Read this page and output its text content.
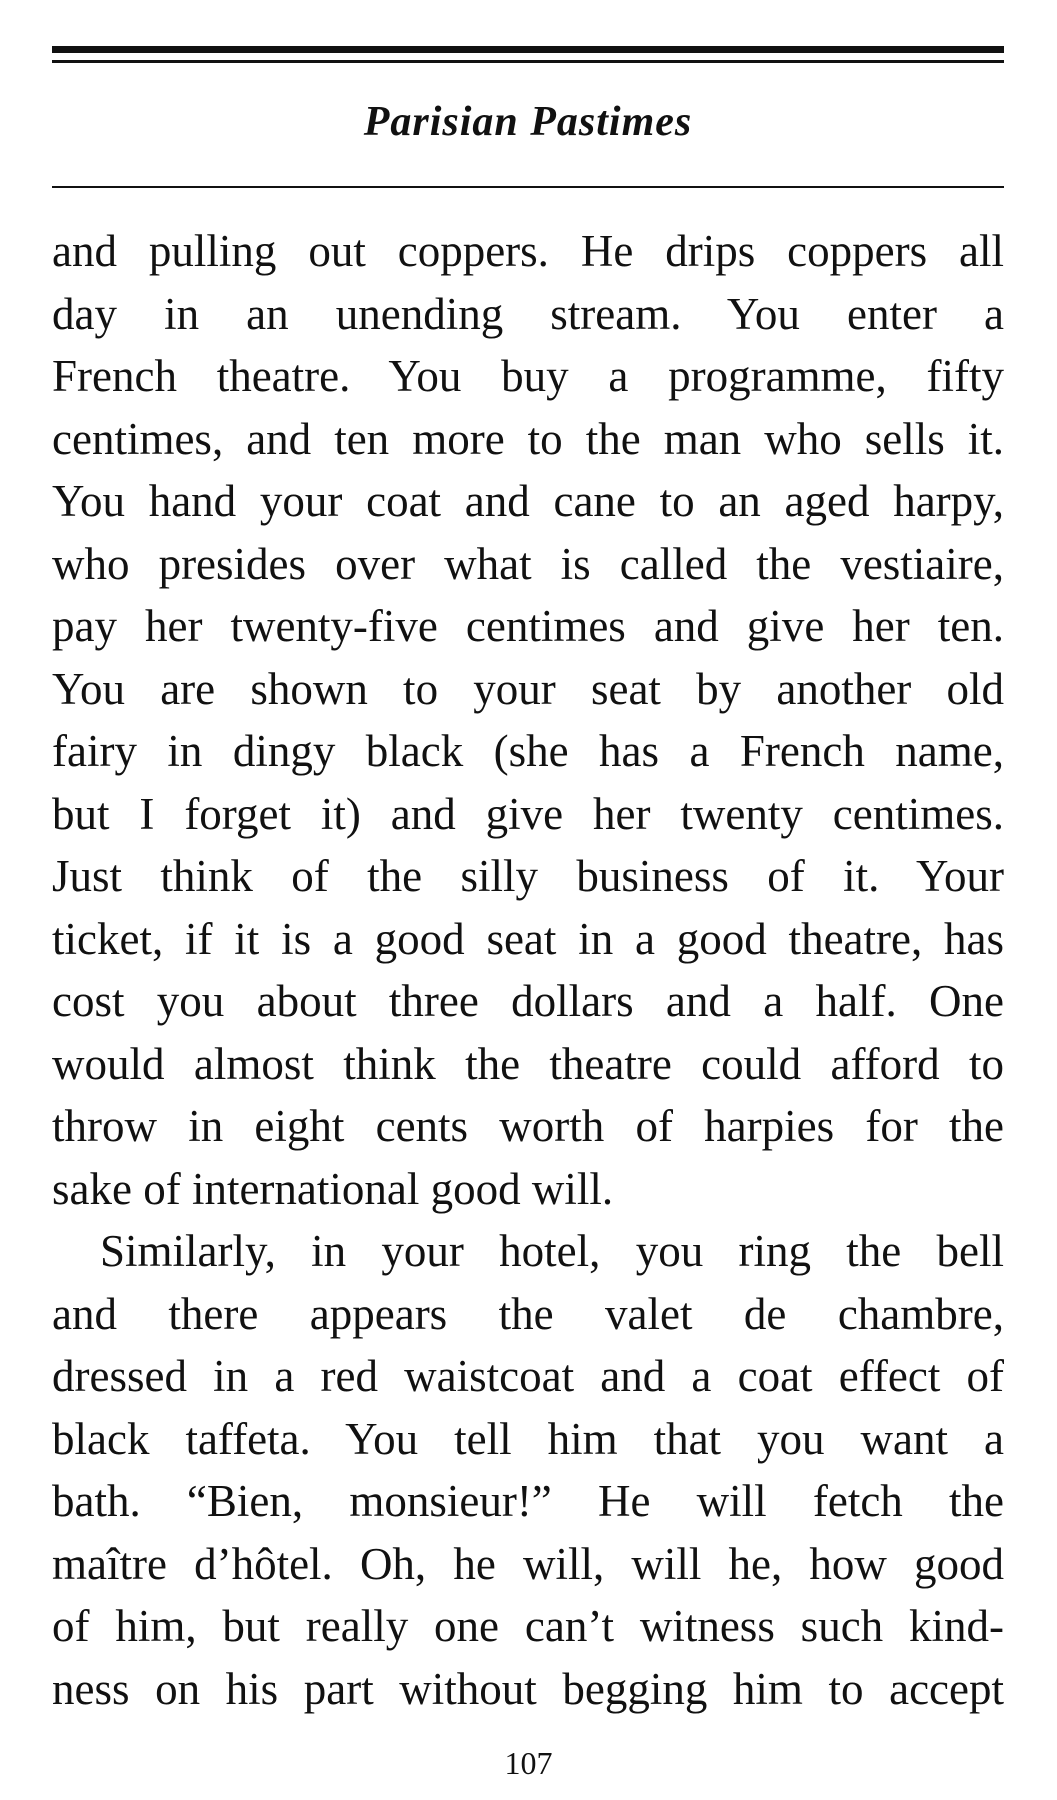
Parisian Pastimes
and pulling out coppers. He drips coppers all
day in an unending stream. You enter a
French theatre. You buy a programme, fifty
centimes, and ten more to the man who sells it.
You hand your coat and cane to an aged harpy,
who presides over what is called the vestiaire,
pay her twenty-five centimes and give her ten.
You are shown to your seat by another old
fairy in dingy black (she has a French name,
but I forget it) and give her twenty centimes.
Just think of the silly business of it. Your
ticket, if it is a good seat in a good theatre, has
cost you about three dollars and a half. One
would almost think the theatre could afford to
throw in eight cents worth of harpies for the
sake of international good will.
Similarly, in your hotel, you ring the bell
and there appears the valet de chambre,
dressed in a red waistcoat and a coat effect of
black taffeta. You tell him that you want a
bath. “Bien, monsieur!” He will fetch the
maître d’hôtel. Oh, he will, will he, how good
of him, but really one can’t witness such kind-
ness on his part without begging him to accept
107
